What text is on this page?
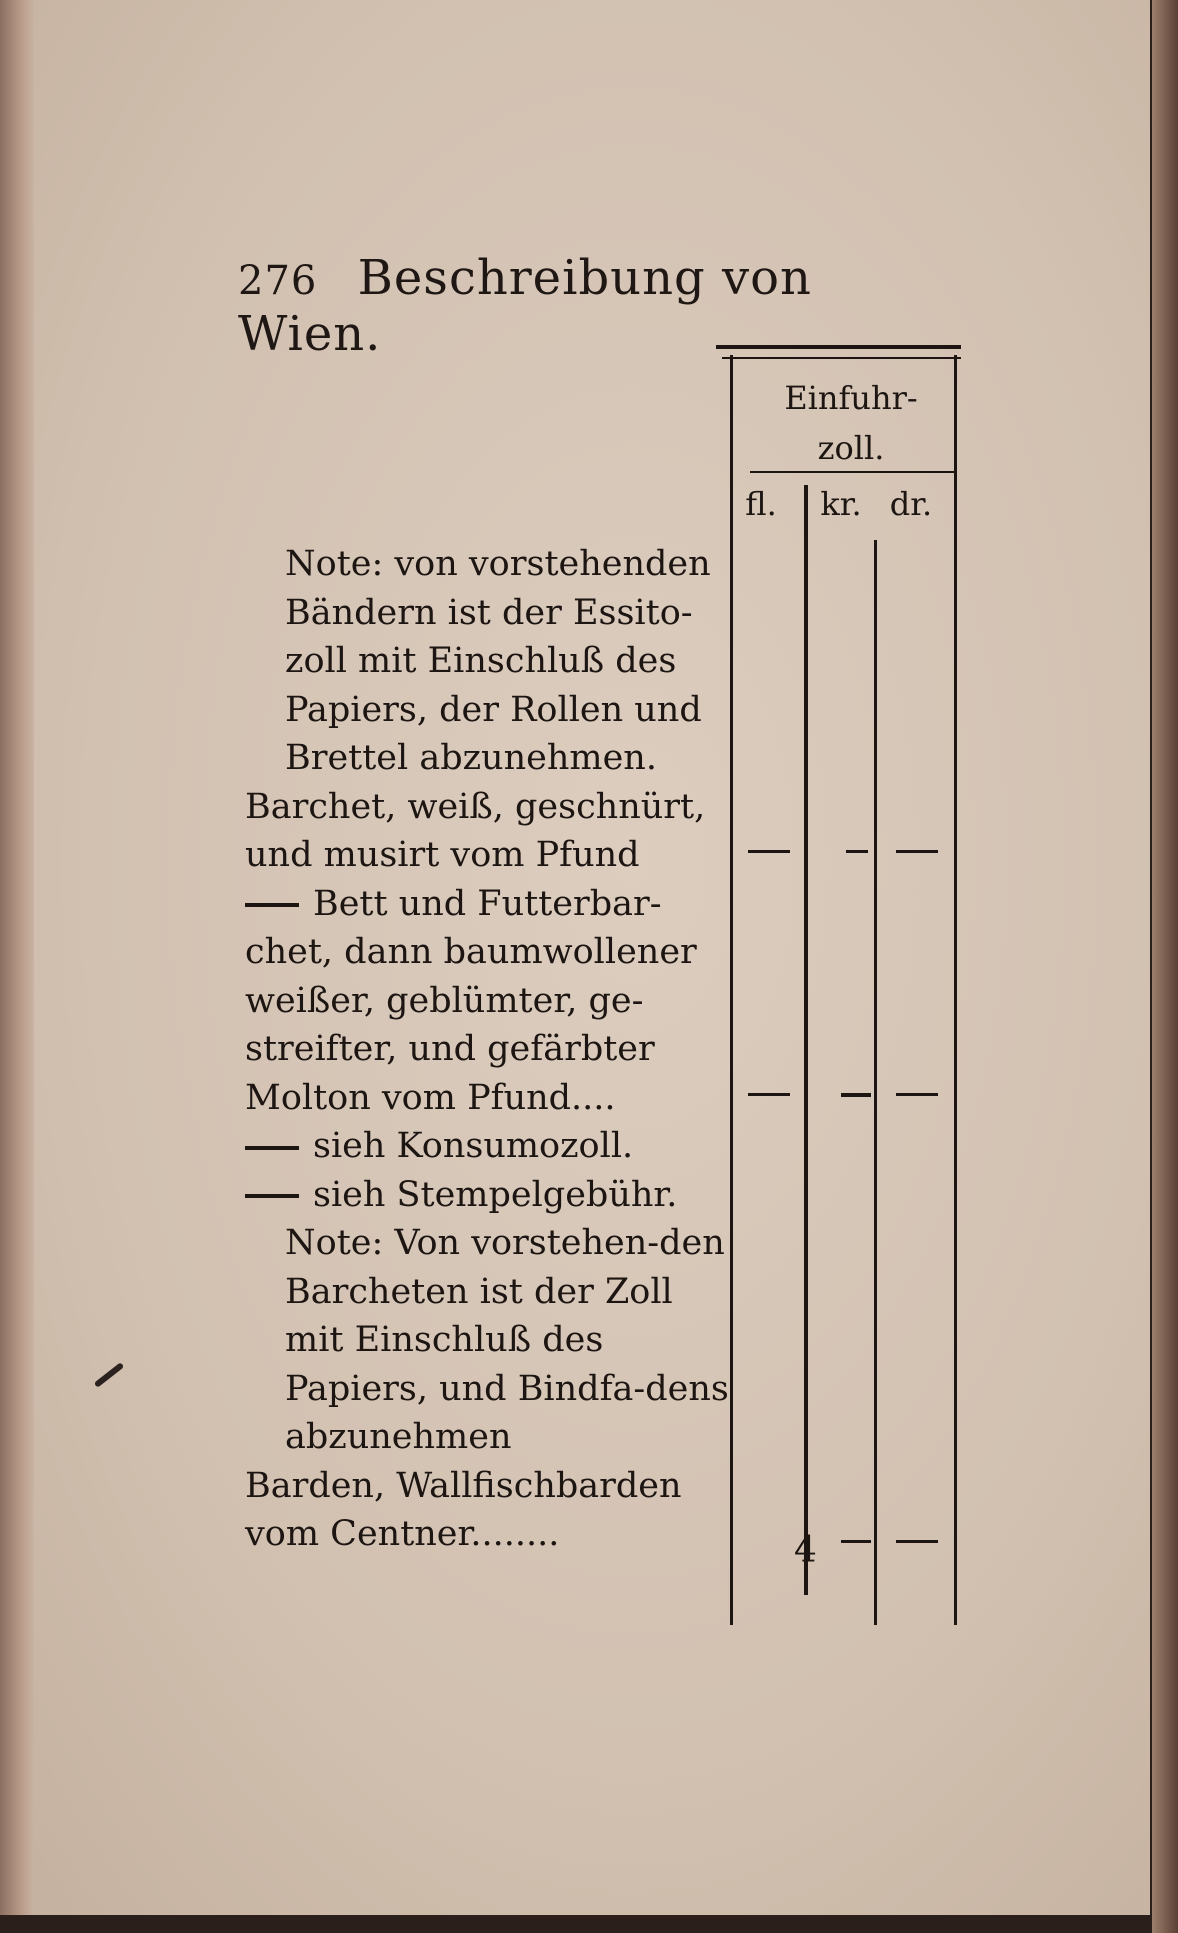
276 Beschreibung von Wien.

Note: von vorstehenden Bändern ist der Essito-zoll mit Einschluß des Papiers, der Rollen und Brettel abzunehmen.

Barchet, weiß, geschnürt, und musirt vom Pfund

Bett und Futterbar-chet, dann baumwollener weißer, geblümter, ge-streifter, und gefärbter Molton vom Pfund....

sieh Konsumozoll.

sieh Stempelgebühr.

Note: Von vorstehen-den Barcheten ist der Zoll mit Einschluß des Papiers, und Bindfa-dens abzunehmen

Barden, Wallfischbarden vom Centner........

Einfuhr-zoll.
fl. kr. dr.
4
